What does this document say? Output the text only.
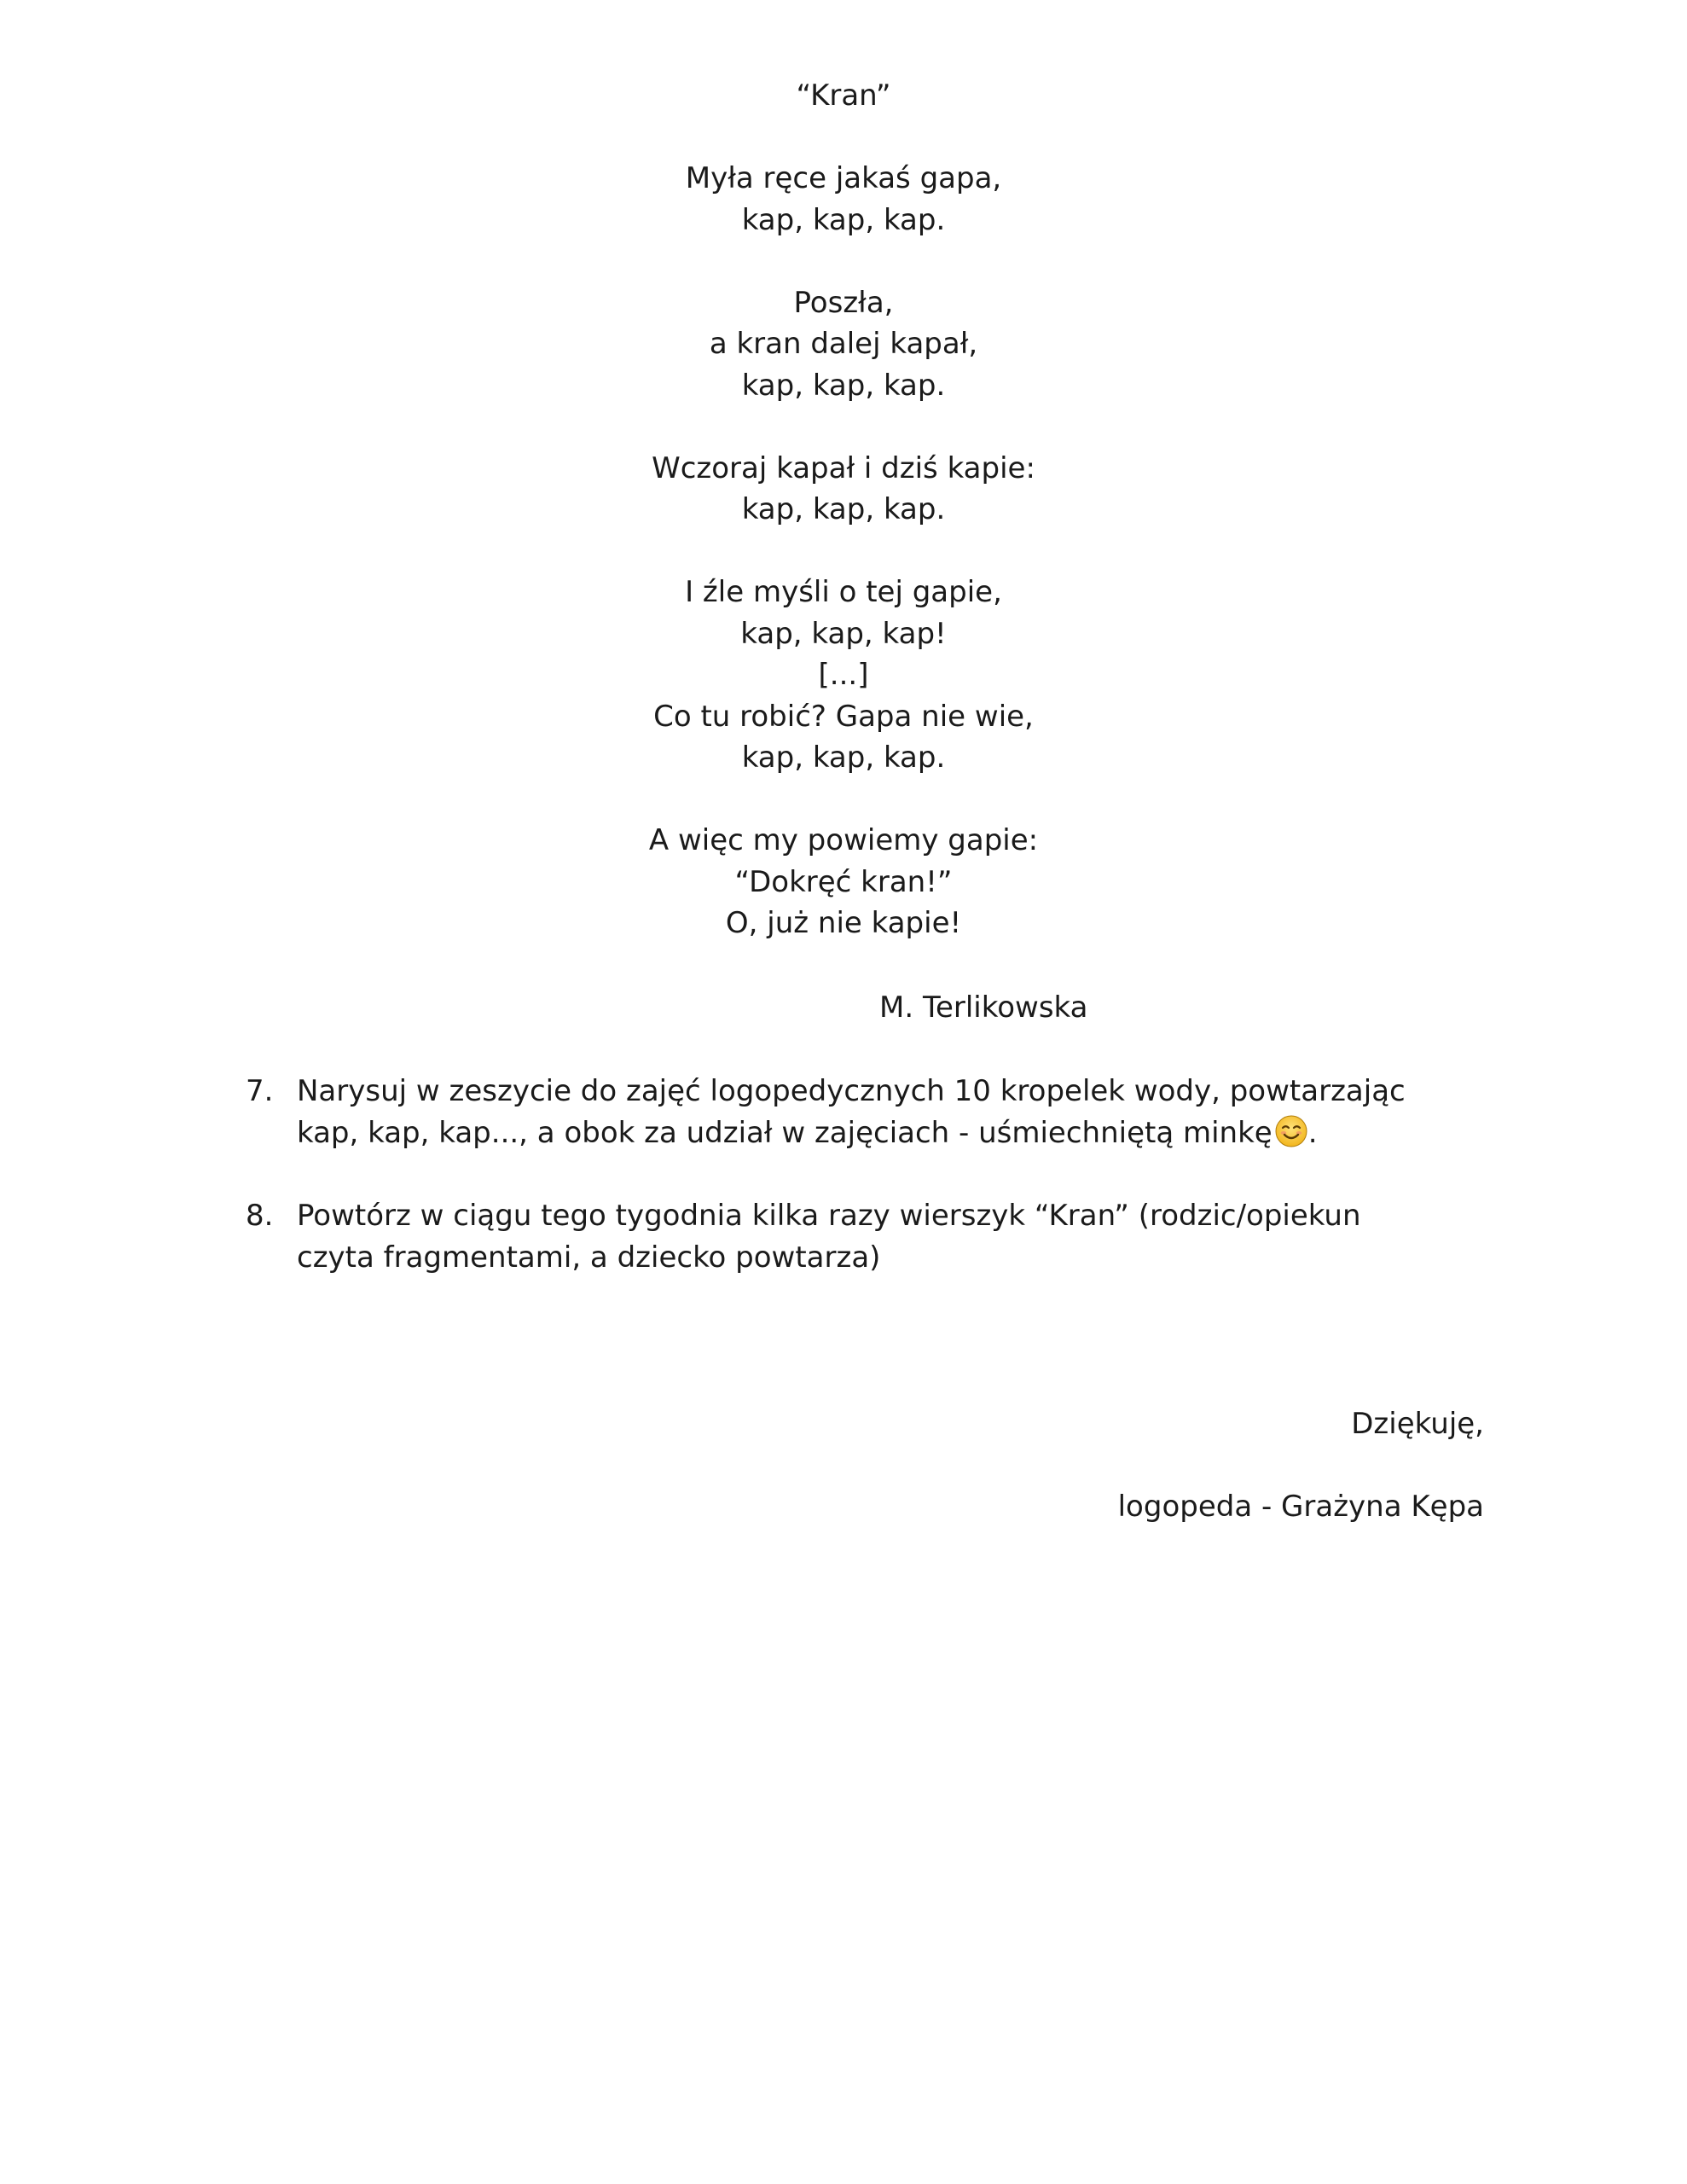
“Kran”
Myła ręce jakaś gapa,
kap, kap, kap.
Poszła,
a kran dalej kapał,
kap, kap, kap.
Wczoraj kapał i dziś kapie:
kap, kap, kap.
I źle myśli o tej gapie,
kap, kap, kap!
[...]
Co tu robić? Gapa nie wie,
kap, kap, kap.
A więc my powiemy gapie:
“Dokręć kran!”
O, już nie kapie!
M. Terlikowska
7. Narysuj w zeszycie do zajęć logopedycznych 10 kropelek wody, powtarzając
kap, kap, kap..., a obok za udział w zajęciach - uśmiechniętą minkę .
8. Powtórz w ciągu tego tygodnia kilka razy wierszyk “Kran” (rodzic/opiekun
czyta fragmentami, a dziecko powtarza)
Dziękuję,
logopeda - Grażyna Kępa
